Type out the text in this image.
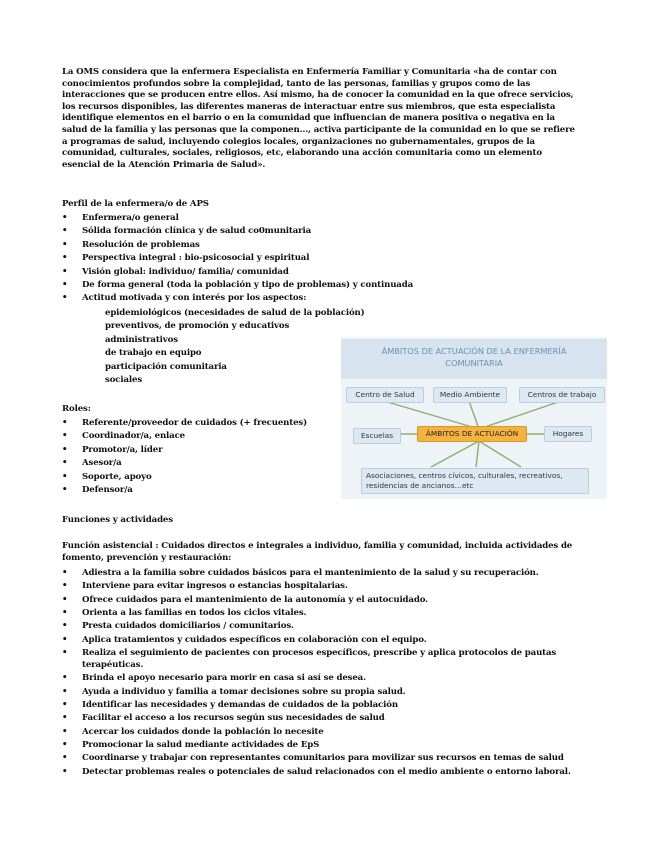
La OMS considera que la enfermera Especialista en Enfermería Familiar y Comunitaria «ha de contar con conocimientos profundos sobre la complejidad, tanto de las personas, familias y grupos como de las interacciones que se producen entre ellos. Así mismo, ha de conocer la comunidad en la que ofrece servicios, los recursos disponibles, las diferentes maneras de interactuar entre sus miembros, que esta especialista identifique elementos en el barrio o en la comunidad que influencian de manera positiva o negativa en la salud de la familia y las personas que la componen…, activa participante de la comunidad en lo que se refiere a programas de salud, incluyendo colegios locales, organizaciones no gubernamentales, grupos de la comunidad, culturales, sociales, religiosos, etc, elaborando una acción comunitaria como un elemento esencial de la Atención Primaria de Salud».
Perfil de la enfermera/o de APS
• Enfermera/o general
• Sólida formación clínica y de salud co0munitaria
• Resolución de problemas
• Perspectiva integral : bio-psicosocial y espiritual
• Visión global: individuo/ familia/ comunidad
• De forma general (toda la población y tipo de problemas) y continuada
• Actitud motivada y con interés por los aspectos:
epidemiológicos (necesidades de salud de la población)
preventivos, de promoción y educativos
administrativos
de trabajo en equipo
participación comunitaria
sociales
Roles:
• Referente/proveedor de cuidados (+ frecuentes)
• Coordinador/a, enlace
• Promotor/a, líder
• Asesor/a
• Soporte, apoyo
• Defensor/a
Funciones y actividades
Función asistencial : Cuidados directos e integrales a individuo, familia y comunidad, incluida actividades de fomento, prevención y restauración:
• Adiestra a la familia sobre cuidados básicos para el mantenimiento de la salud y su recuperación.
• Interviene para evitar ingresos o estancias hospitalarias.
• Ofrece cuidados para el mantenimiento de la autonomía y el autocuidado.
• Orienta a las familias en todos los ciclos vitales.
• Presta cuidados domiciliarios / comunitarios.
• Aplica tratamientos y cuidados específicos en colaboración con el equipo.
• Realiza el seguimiento de pacientes con procesos específicos, prescribe y aplica protocolos de pautas terapéuticas.
• Brinda el apoyo necesario para morir en casa si así se desea.
• Ayuda a individuo y familia a tomar decisiones sobre su propia salud.
• Identificar las necesidades y demandas de cuidados de la población
• Facilitar el acceso a los recursos según sus necesidades de salud
• Acercar los cuidados donde la población lo necesite
• Promocionar la salud mediante actividades de EpS
• Coordinarse y trabajar con representantes comunitarios para movilizar sus recursos en temas de salud
• Detectar problemas reales o potenciales de salud relacionados con el medio ambiente o entorno laboral.
ÁMBITOS DE ACTUACIÓN DE LA ENFERMERÍA
COMUNITARIA
Centro de Salud	Medio Ambiente	Centros de trabajo
Escuelas	ÁMBITOS DE ACTUACIÓN	Hogares
Asociaciones, centros cívicos, culturales, recreativos, residencias de ancianos…etc
